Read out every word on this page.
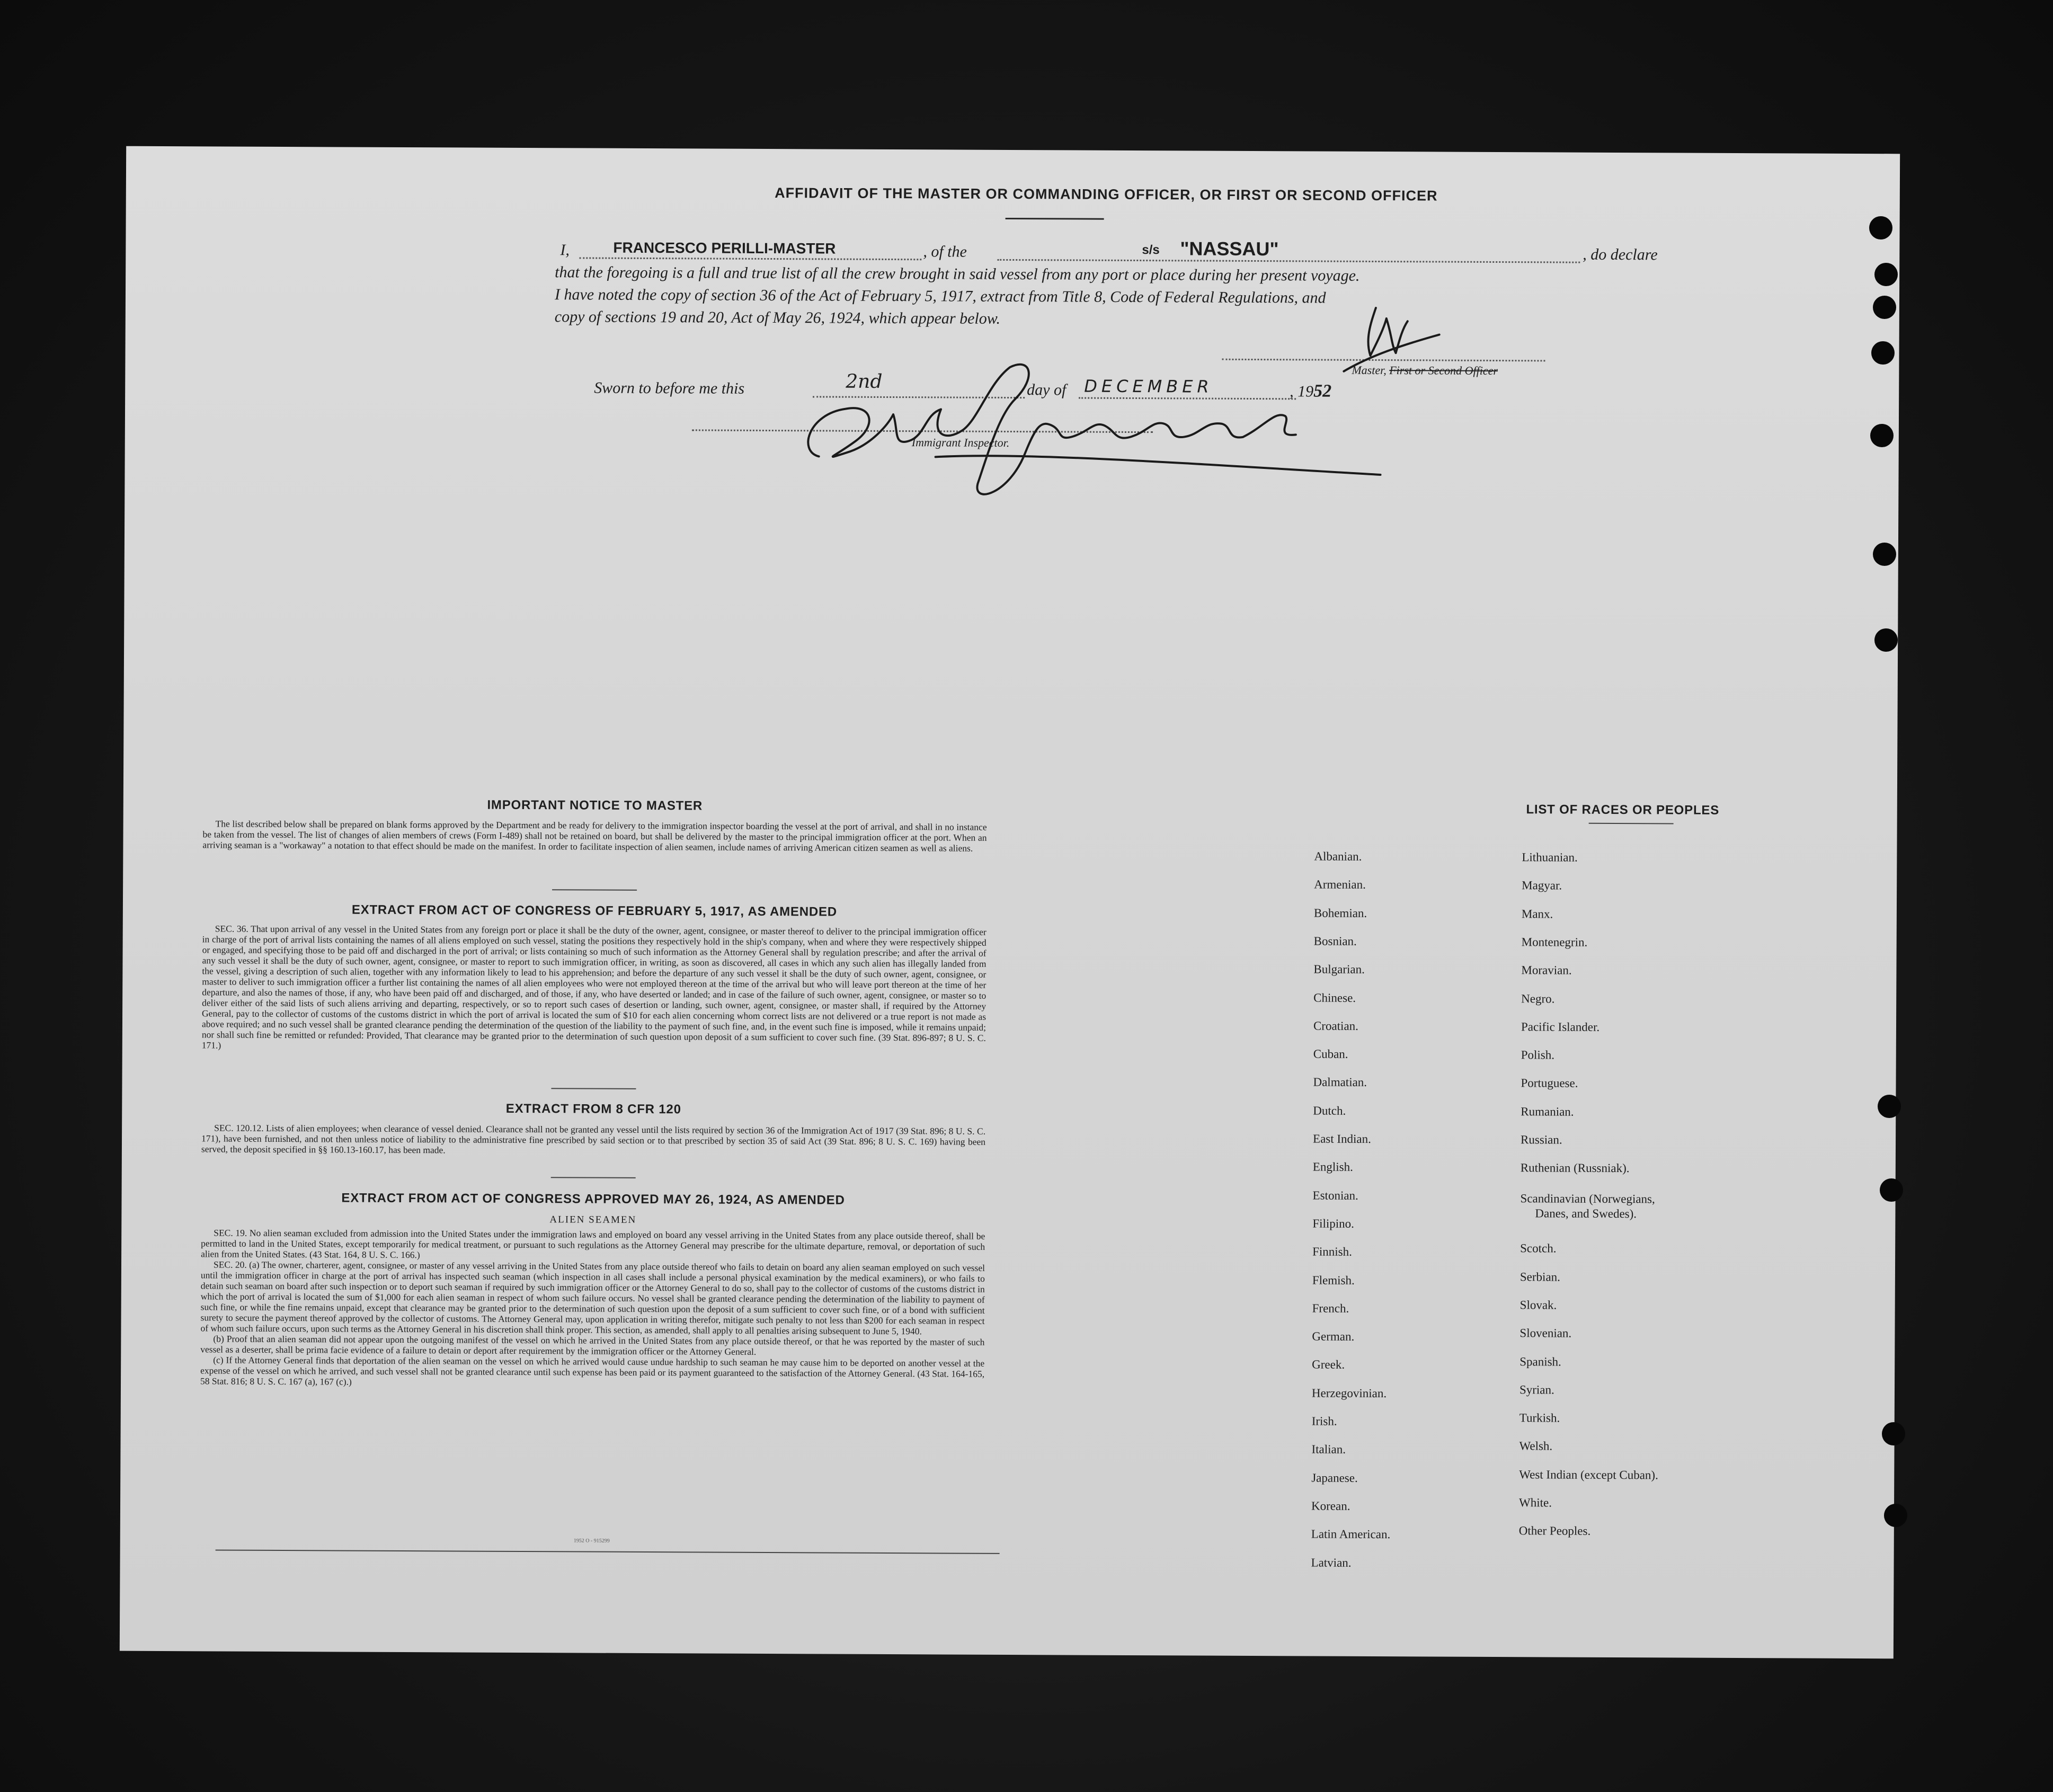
AFFIDAVIT OF THE MASTER OR COMMANDING OFFICER, OR FIRST OR SECOND OFFICER
I,	FRANCESCO PERILLI-MASTER	, of the	s/s "NASSAU"	, do declare
that the foregoing is a full and true list of all the crew brought in said vessel from any port or place during her present voyage.
I have noted the copy of section 36 of the Act of February 5, 1917, extract from Title 8, Code of Federal Regulations, and
copy of sections 19 and 20, Act of May 26, 1924, which appear below.
Master, First or Second Officer
Sworn to before me this	2nd	day of DECEMBER	, 1952
Immigrant Inspector.
IMPORTANT NOTICE TO MASTER

The list described below shall be prepared on blank forms approved by the Department and be ready for delivery to the immigration inspector boarding the vessel at the port of arrival, and shall in no instance be taken from the vessel. The list of changes of alien members of crews (Form I-489) shall not be retained on board, but shall be delivered by the master to the principal immigration officer at the port. When an arriving seaman is a "workaway" a notation to that effect should be made on the manifest. In order to facilitate inspection of alien seamen, include names of arriving American citizen seamen as well as aliens.

EXTRACT FROM ACT OF CONGRESS OF FEBRUARY 5, 1917, AS AMENDED

SEC. 36. That upon arrival of any vessel in the United States from any foreign port or place it shall be the duty of the owner, agent, consignee, or master thereof to deliver to the principal immigration officer in charge of the port of arrival lists containing the names of all aliens employed on such vessel, stating the positions they respectively hold in the ship's company, when and where they were respectively shipped or engaged, and specifying those to be paid off and discharged in the port of arrival; or lists containing so much of such information as the Attorney General shall by regulation prescribe; and after the arrival of any such vessel it shall be the duty of such owner, agent, consignee, or master to report to such immigration officer, in writing, as soon as discovered, all cases in which any such alien has illegally landed from the vessel, giving a description of such alien, together with any information likely to lead to his apprehension; and before the departure of any such vessel it shall be the duty of such owner, agent, consignee, or master to deliver to such immigration officer a further list containing the names of all alien employees who were not employed thereon at the time of the arrival but who will leave port thereon at the time of her departure, and also the names of those, if any, who have been paid off and discharged, and of those, if any, who have deserted or landed; and in case of the failure of such owner, agent, consignee, or master so to deliver either of the said lists of such aliens arriving and departing, respectively, or so to report such cases of desertion or landing, such owner, agent, consignee, or master shall, if required by the Attorney General, pay to the collector of customs of the customs district in which the port of arrival is located the sum of $10 for each alien concerning whom correct lists are not delivered or a true report is not made as above required; and no such vessel shall be granted clearance pending the determination of the question of the liability to the payment of such fine, and, in the event such fine is imposed, while it remains unpaid; nor shall such fine be remitted or refunded: Provided, That clearance may be granted prior to the determination of such question upon deposit of a sum sufficient to cover such fine. (39 Stat. 896-897; 8 U. S. C. 171.)

EXTRACT FROM 8 CFR 120

SEC. 120.12. Lists of alien employees; when clearance of vessel denied. Clearance shall not be granted any vessel until the lists required by section 36 of the Immigration Act of 1917 (39 Stat. 896; 8 U. S. C. 171), have been furnished, and not then unless notice of liability to the administrative fine prescribed by said section or to that prescribed by section 35 of said Act (39 Stat. 896; 8 U. S. C. 169) having been served, the deposit specified in §§ 160.13-160.17, has been made.

EXTRACT FROM ACT OF CONGRESS APPROVED MAY 26, 1924, AS AMENDED
ALIEN SEAMEN

SEC. 19. No alien seaman excluded from admission into the United States under the immigration laws and employed on board any vessel arriving in the United States from any place outside thereof, shall be permitted to land in the United States, except temporarily for medical treatment, or pursuant to such regulations as the Attorney General may prescribe for the ultimate departure, removal, or deportation of such alien from the United States. (43 Stat. 164, 8 U. S. C. 166.)

SEC. 20. (a) The owner, charterer, agent, consignee, or master of any vessel arriving in the United States from any place outside thereof who fails to detain on board any alien seaman employed on such vessel until the immigration officer in charge at the port of arrival has inspected such seaman (which inspection in all cases shall include a personal physical examination by the medical examiners), or who fails to detain such seaman on board after such inspection or to deport such seaman if required by such immigration officer or the Attorney General to do so, shall pay to the collector of customs of the customs district in which the port of arrival is located the sum of $1,000 for each alien seaman in respect of whom such failure occurs. No vessel shall be granted clearance pending the determination of the liability to payment of such fine, or while the fine remains unpaid, except that clearance may be granted prior to the determination of such question upon the deposit of a sum sufficient to cover such fine, or of a bond with sufficient surety to secure the payment thereof approved by the collector of customs. The Attorney General may, upon application in writing therefor, mitigate such penalty to not less than $200 for each seaman in respect of whom such failure occurs, upon such terms as the Attorney General in his discretion shall think proper. This section, as amended, shall apply to all penalties arising subsequent to June 5, 1940.

(b) Proof that an alien seaman did not appear upon the outgoing manifest of the vessel on which he arrived in the United States from any place outside thereof, or that he was reported by the master of such vessel as a deserter, shall be prima facie evidence of a failure to detain or deport after requirement by the immigration officer or the Attorney General.

(c) If the Attorney General finds that deportation of the alien seaman on the vessel on which he arrived would cause undue hardship to such seaman he may cause him to be deported on another vessel at the expense of the vessel on which he arrived, and such vessel shall not be granted clearance until such expense has been paid or its payment guaranteed to the satisfaction of the Attorney General. (43 Stat. 164-165, 58 Stat. 816; 8 U. S. C. 167 (a), 167 (c).)

1952 O - 915299
LIST OF RACES OR PEOPLES
Albanian.
Armenian.
Bohemian.
Bosnian.
Bulgarian.
Chinese.
Croatian.
Cuban.
Dalmatian.
Dutch.
East Indian.
English.
Estonian.
Filipino.
Finnish.
Flemish.
French.
German.
Greek.
Herzegovinian.
Irish.
Italian.
Japanese.
Korean.
Latin American.
Latvian.
Lithuanian.
Magyar.
Manx.
Montenegrin.
Moravian.
Negro.
Pacific Islander.
Polish.
Portuguese.
Rumanian.
Russian.
Ruthenian (Russniak).
Scandinavian (Norwegians,
Danes, and Swedes).
Scotch.
Serbian.
Slovak.
Slovenian.
Spanish.
Syrian.
Turkish.
Welsh.
West Indian (except Cuban).
White.
Other Peoples.
